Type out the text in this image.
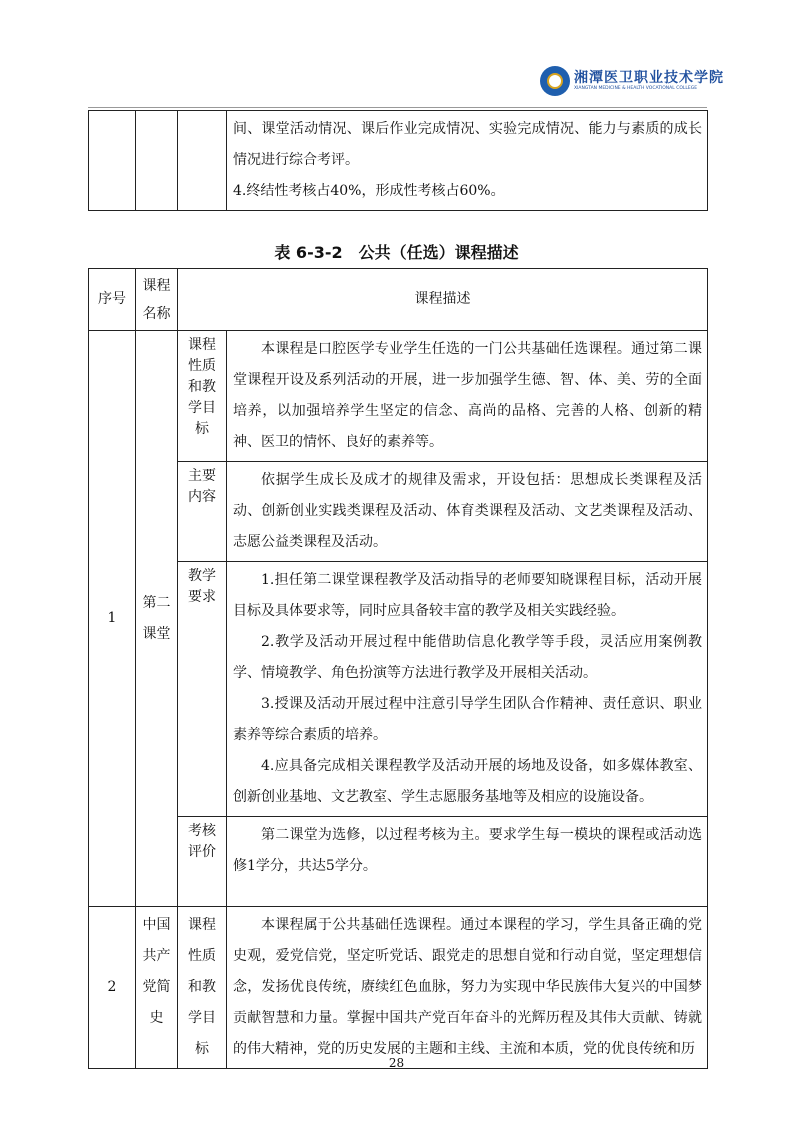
湘潭医卫职业技术学院
XIANGTAN MEDICINE & HEALTH VOCATIONAL COLLEGE

间、课堂活动情况、课后作业完成情况、实验完成情况、能力与素质的成长情况进行综合考评。
4.终结性考核占40%，形成性考核占60%。
表 6-3-2　公共（任选）课程描述
序号	课程名称	课程描述	
1	第二课堂	课程性质和教学目标	本课程是口腔医学专业学生任选的一门公共基础任选课程。通过第二课堂课程开设及系列活动的开展，进一步加强学生德、智、体、美、劳的全面培养，以加强培养学生坚定的信念、高尚的品格、完善的人格、创新的精神、医卫的情怀、良好的素养等。

		主要内容	依据学生成长及成才的规律及需求，开设包括：思想成长类课程及活动、创新创业实践类课程及活动、体育类课程及活动、文艺类课程及活动、志愿公益类课程及活动。

		教学要求	1.担任第二课堂课程教学及活动指导的老师要知晓课程目标，活动开展目标及具体要求等，同时应具备较丰富的教学及相关实践经验。
2.教学及活动开展过程中能借助信息化教学等手段，灵活应用案例教学、情境教学、角色扮演等方法进行教学及开展相关活动。
3.授课及活动开展过程中注意引导学生团队合作精神、责任意识、职业素养等综合素质的培养。
4.应具备完成相关课程教学及活动开展的场地及设备，如多媒体教室、创新创业基地、文艺教室、学生志愿服务基地等及相应的设施设备。

		考核评价	第二课堂为选修，以过程考核为主。要求学生每一模块的课程或活动选修1学分，共达5学分。

2	中国共产党简史	课程性质和教学目标	本课程属于公共基础任选课程。通过本课程的学习，学生具备正确的党史观，爱党信党，坚定听党话、跟党走的思想自觉和行动自觉，坚定理想信念，发扬优良传统，赓续红色血脉，努力为实现中华民族伟大复兴的中国梦贡献智慧和力量。掌握中国共产党百年奋斗的光辉历程及其伟大贡献、铸就的伟大精神，党的历史发展的主题和主线、主流和本质，党的优良传统和历
28
